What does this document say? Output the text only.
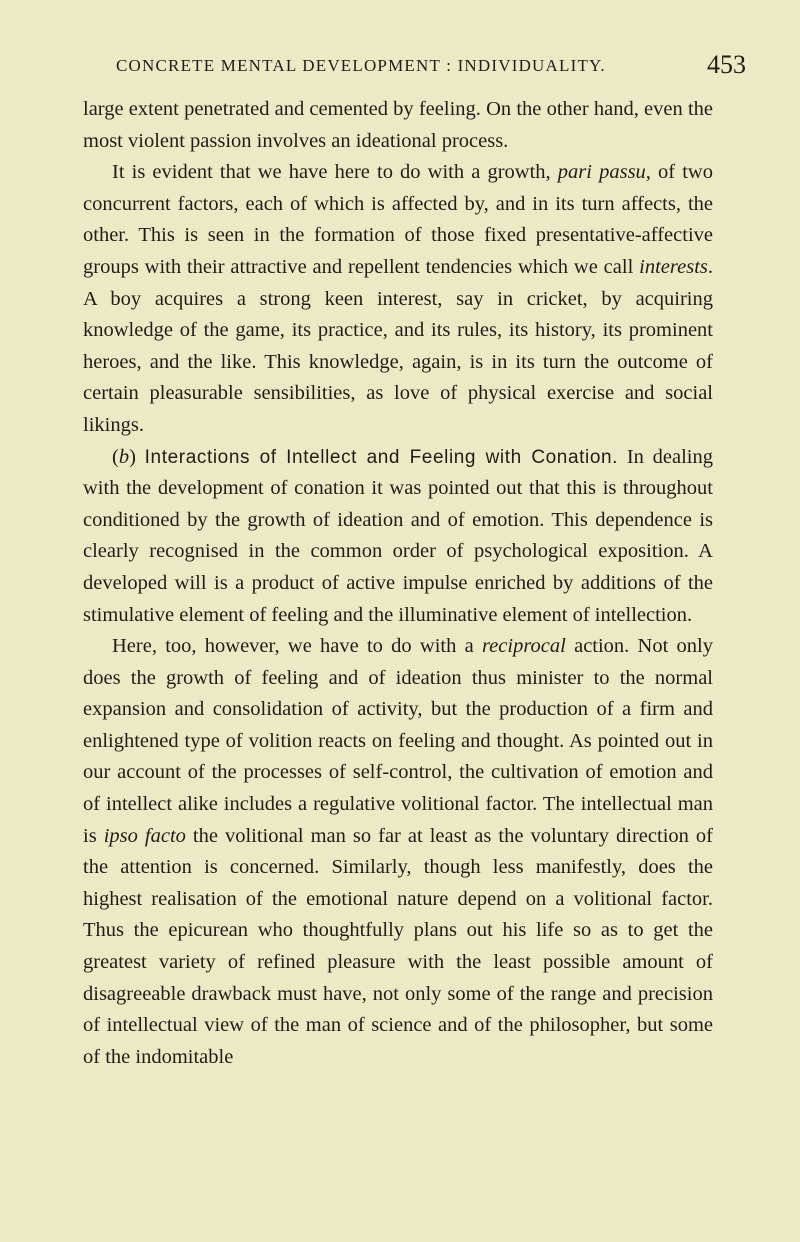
CONCRETE MENTAL DEVELOPMENT : INDIVIDUALITY.	453

large extent penetrated and cemented by feeling. On the other hand, even the most violent passion involves an ideational process.

It is evident that we have here to do with a growth, pari passu, of two concurrent factors, each of which is affected by, and in its turn affects, the other. This is seen in the formation of those fixed presentative-affective groups with their attractive and repellent tendencies which we call interests. A boy acquires a strong keen interest, say in cricket, by acquiring knowledge of the game, its practice, and its rules, its history, its prominent heroes, and the like. This knowledge, again, is in its turn the outcome of certain pleasurable sensibilities, as love of physical exercise and social likings.

(b) Interactions of Intellect and Feeling with Conation. In dealing with the development of conation it was pointed out that this is throughout conditioned by the growth of ideation and of emotion. This dependence is clearly recognised in the common order of psychological exposition. A developed will is a product of active impulse enriched by additions of the stimulative element of feeling and the illuminative element of intellection.

Here, too, however, we have to do with a reciprocal action. Not only does the growth of feeling and of ideation thus minister to the normal expansion and consolidation of activity, but the production of a firm and enlightened type of volition reacts on feeling and thought. As pointed out in our account of the processes of self-control, the cultivation of emotion and of intellect alike includes a regulative volitional factor. The intellectual man is ipso facto the volitional man so far at least as the voluntary direction of the attention is concerned. Similarly, though less manifestly, does the highest realisation of the emotional nature depend on a volitional factor. Thus the epicurean who thoughtfully plans out his life so as to get the greatest variety of refined pleasure with the least possible amount of disagreeable drawback must have, not only some of the range and precision of intellectual view of the man of science and of the philosopher, but some of the indomitable
